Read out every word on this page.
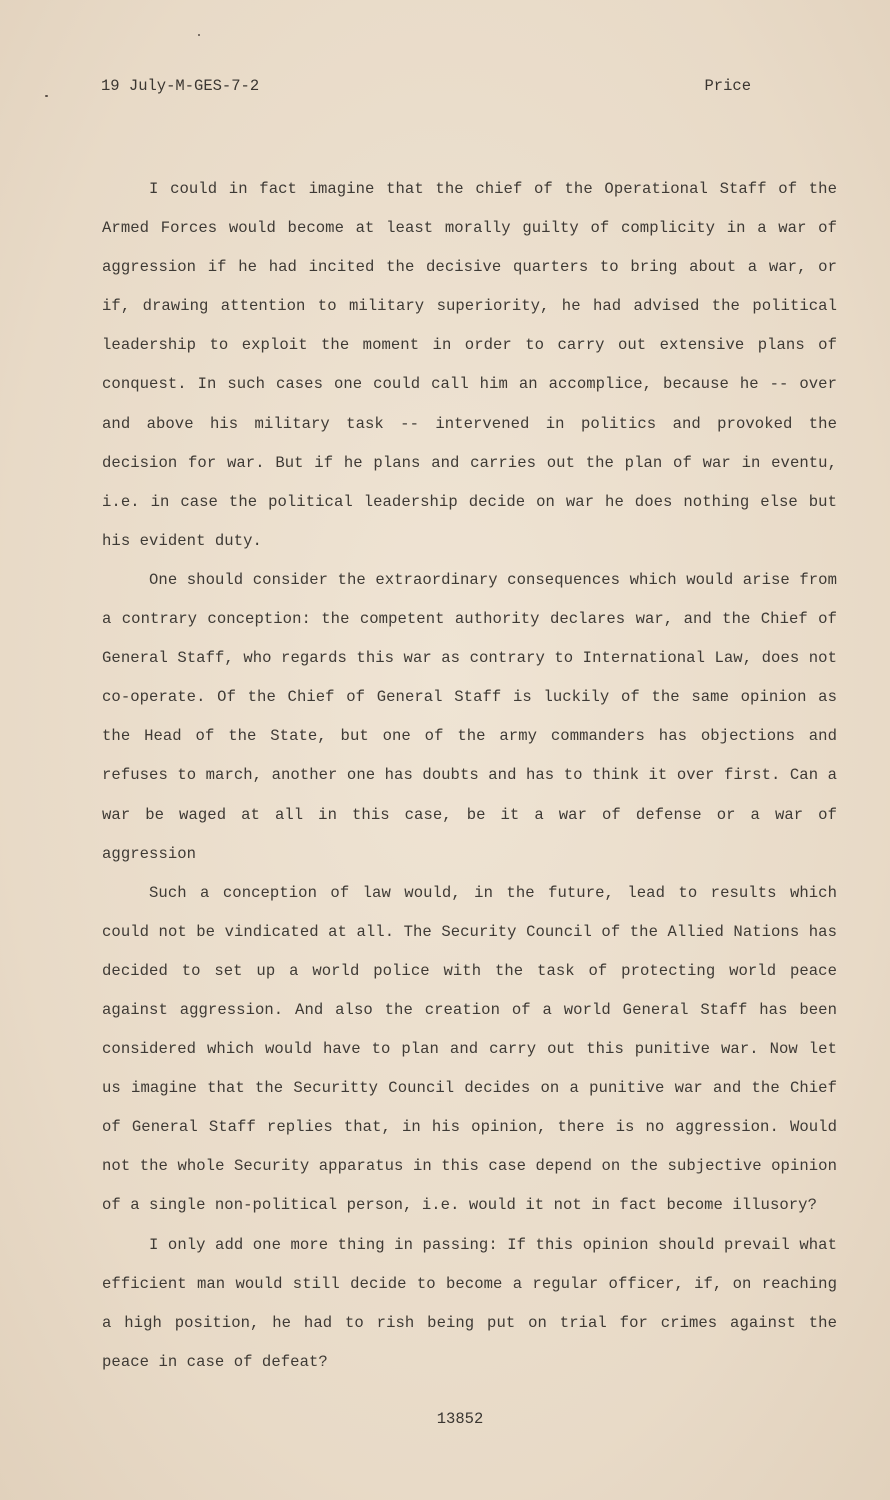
19 July-M-GES-7-2	Price

I could in fact imagine that the chief of the Operational Staff of the Armed Forces would become at least morally guilty of complicity in a war of aggression if he had incited the decisive quarters to bring about a war, or if, drawing attention to military superiority, he had advised the political leadership to exploit the moment in order to carry out extensive plans of conquest. In such cases one could call him an accomplice, because he -- over and above his military task -- intervened in politics and provoked the decision for war. But if he plans and carries out the plan of war in eventu, i.e. in case the political leadership decide on war he does nothing else but his evident duty.

One should consider the extraordinary consequences which would arise from a contrary conception: the competent authority declares war, and the Chief of General Staff, who regards this war as contrary to International Law, does not co-operate. Of the Chief of General Staff is luckily of the same opinion as the Head of the State, but one of the army commanders has objections and refuses to march, another one has doubts and has to think it over first. Can a war be waged at all in this case, be it a war of defense or a war of aggression

Such a conception of law would, in the future, lead to results which could not be vindicated at all. The Security Council of the Allied Nations has decided to set up a world police with the task of protecting world peace against aggression. And also the creation of a world General Staff has been considered which would have to plan and carry out this punitive war. Now let us imagine that the Securitty Council decides on a punitive war and the Chief of General Staff replies that, in his opinion, there is no aggression. Would not the whole Security apparatus in this case depend on the subjective opinion of a single non-political person, i.e. would it not in fact become illusory?

I only add one more thing in passing: If this opinion should prevail what efficient man would still decide to become a regular officer, if, on reaching a high position, he had to rish being put on trial for crimes against the peace in case of defeat?

13852
